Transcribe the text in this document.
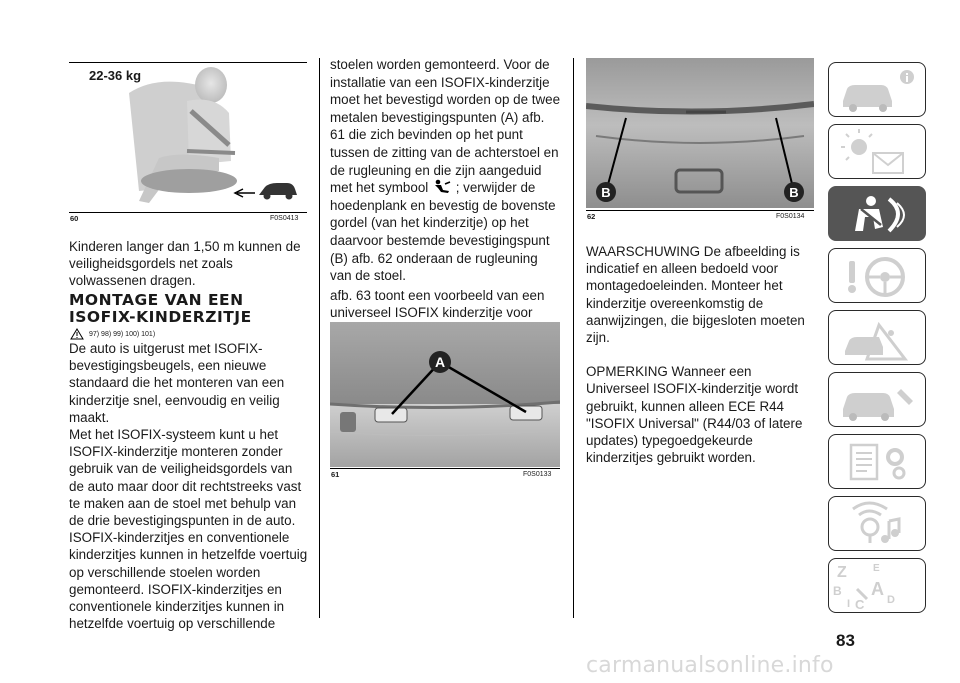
22-36 kg
60	F0S0413

Kinderen langer dan 1,50 m kunnen de veiligheidsgordels net zoals volwassenen dragen.

MONTAGE VAN EEN
ISOFIX-KINDERZITJE
97) 98) 99) 100) 101)

De auto is uitgerust met ISOFIX-bevestigingsbeugels, een nieuwe standaard die het monteren van een kinderzitje snel, eenvoudig en veilig maakt.

Met het ISOFIX-systeem kunt u het ISOFIX-kinderzitje monteren zonder gebruik van de veiligheidsgordels van de auto maar door dit rechtstreeks vast te maken aan de stoel met behulp van de drie bevestigingspunten in de auto. ISOFIX-kinderzitjes en conventionele kinderzitjes kunnen in hetzelfde voertuig op verschillende stoelen worden gemonteerd. ISOFIX-kinderzitjes en conventionele kinderzitjes kunnen in hetzelfde voertuig op verschillende

stoelen worden gemonteerd. Voor de installatie van een ISOFIX-kinderzitje moet het bevestigd worden op de twee metalen bevestigingspunten (A) afb. 61 die zich bevinden op het punt tussen de zitting van de achterstoel en de rugleuning en die zijn aangeduid met het symbool ; verwijder de hoedenplank en bevestig de bovenste gordel (van het kinderzitje) op het daarvoor bestemde bevestigingspunt (B) afb. 62 onderaan de rugleuning van de stoel.

afb. 63 toont een voorbeeld van een universeel ISOFIX kinderzitje voor

A
61	F0S0133
B	B
62	F0S0134

WAARSCHUWING De afbeelding is indicatief en alleen bedoeld voor montagedoeleinden. Monteer het kinderzitje overeenkomstig de aanwijzingen, die bijgesloten moeten zijn.

OPMERKING Wanneer een Universeel ISOFIX-kinderzitje wordt gebruikt, kunnen alleen ECE R44 "ISOFIX Universal" (R44/03 of latere updates) typegoedgekeurde kinderzitjes gebruikt worden.

Z	E
B A
I C D
83
carmanualsonline.info
